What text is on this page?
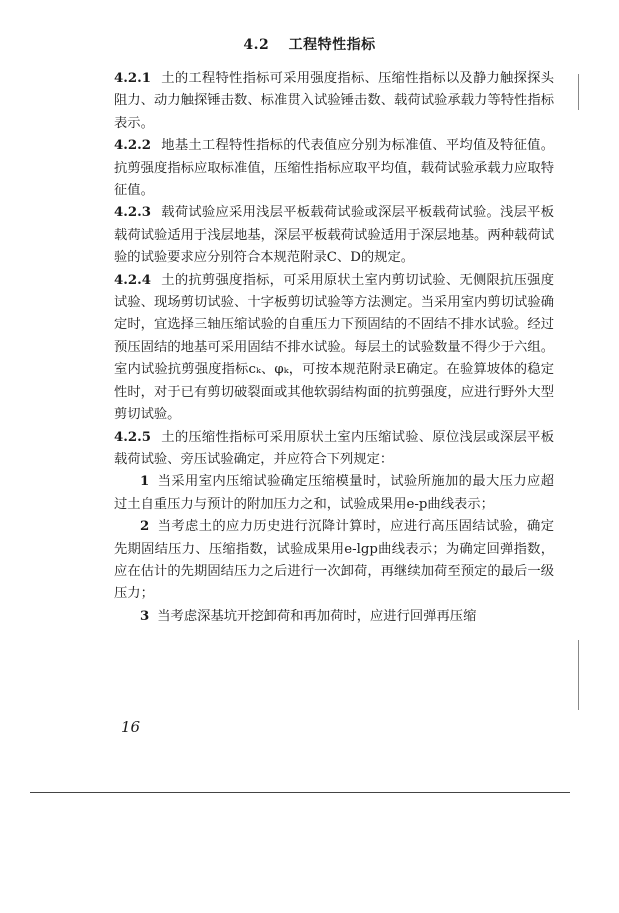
4.2 工程特性指标

4.2.1 土的工程特性指标可采用强度指标、压缩性指标以及静力触探探头阻力、动力触探锤击数、标准贯入试验锤击数、载荷试验承载力等特性指标表示。

4.2.2 地基土工程特性指标的代表值应分别为标准值、平均值及特征值。抗剪强度指标应取标准值，压缩性指标应取平均值，载荷试验承载力应取特征值。

4.2.3 载荷试验应采用浅层平板载荷试验或深层平板载荷试验。浅层平板载荷试验适用于浅层地基，深层平板载荷试验适用于深层地基。两种载荷试验的试验要求应分别符合本规范附录C、D的规定。

4.2.4 土的抗剪强度指标，可采用原状土室内剪切试验、无侧限抗压强度试验、现场剪切试验、十字板剪切试验等方法测定。当采用室内剪切试验确定时，宜选择三轴压缩试验的自重压力下预固结的不固结不排水试验。经过预压固结的地基可采用固结不排水试验。每层土的试验数量不得少于六组。室内试验抗剪强度指标cₖ、φₖ，可按本规范附录E确定。在验算坡体的稳定性时，对于已有剪切破裂面或其他软弱结构面的抗剪强度，应进行野外大型剪切试验。

4.2.5 土的压缩性指标可采用原状土室内压缩试验、原位浅层或深层平板载荷试验、旁压试验确定，并应符合下列规定：

1 当采用室内压缩试验确定压缩模量时，试验所施加的最大压力应超过土自重压力与预计的附加压力之和，试验成果用e-p曲线表示；

2 当考虑土的应力历史进行沉降计算时，应进行高压固结试验，确定先期固结压力、压缩指数，试验成果用e-lgp曲线表示；为确定回弹指数，应在估计的先期固结压力之后进行一次卸荷，再继续加荷至预定的最后一级压力；

3 当考虑深基坑开挖卸荷和再加荷时，应进行回弹再压缩

16
